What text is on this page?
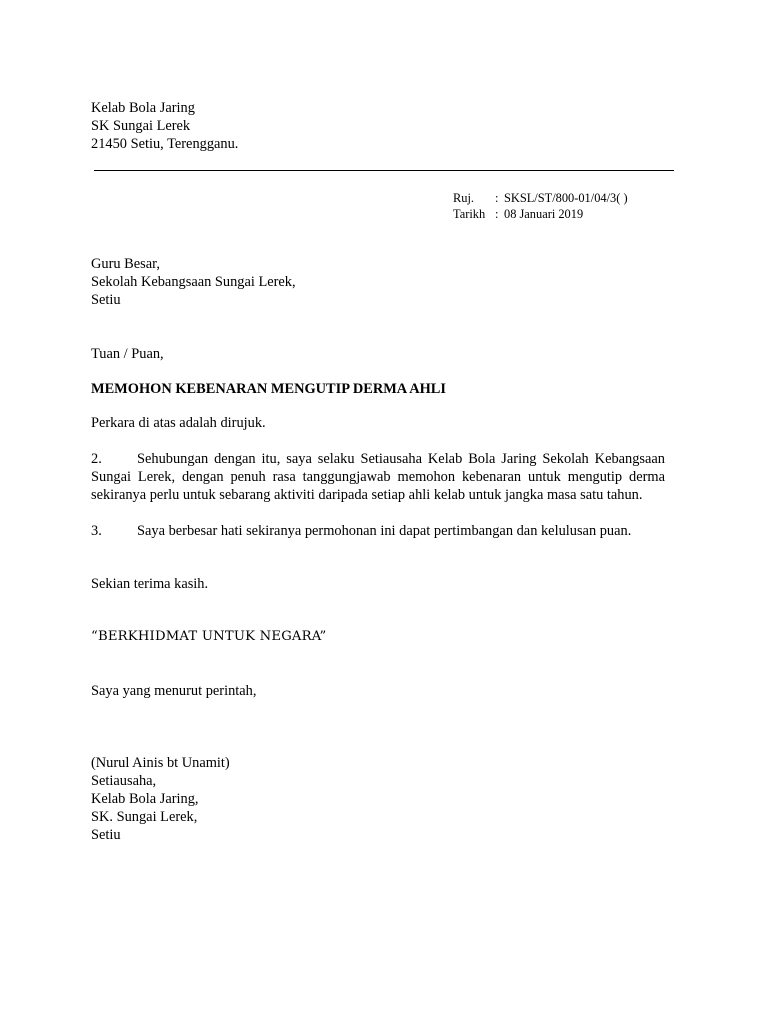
Kelab Bola Jaring
SK Sungai Lerek
21450 Setiu, Terengganu.
Ruj.	: SKSL/ST/800-01/04/3( )
Tarikh : 08 Januari 2019
Guru Besar,
Sekolah Kebangsaan Sungai Lerek,
Setiu
Tuan / Puan,
MEMOHON KEBENARAN MENGUTIP DERMA AHLI
Perkara di atas adalah dirujuk.
2. Sehubungan dengan itu, saya selaku Setiausaha Kelab Bola Jaring Sekolah Kebangsaan Sungai Lerek, dengan penuh rasa tanggungjawab memohon kebenaran untuk mengutip derma sekiranya perlu untuk sebarang aktiviti daripada setiap ahli kelab untuk jangka masa satu tahun.
3. Saya berbesar hati sekiranya permohonan ini dapat pertimbangan dan kelulusan puan.
Sekian terima kasih.
“BERKHIDMAT UNTUK NEGARA”
Saya yang menurut perintah,
(Nurul Ainis bt Unamit)
Setiausaha,
Kelab Bola Jaring,
SK. Sungai Lerek,
Setiu
